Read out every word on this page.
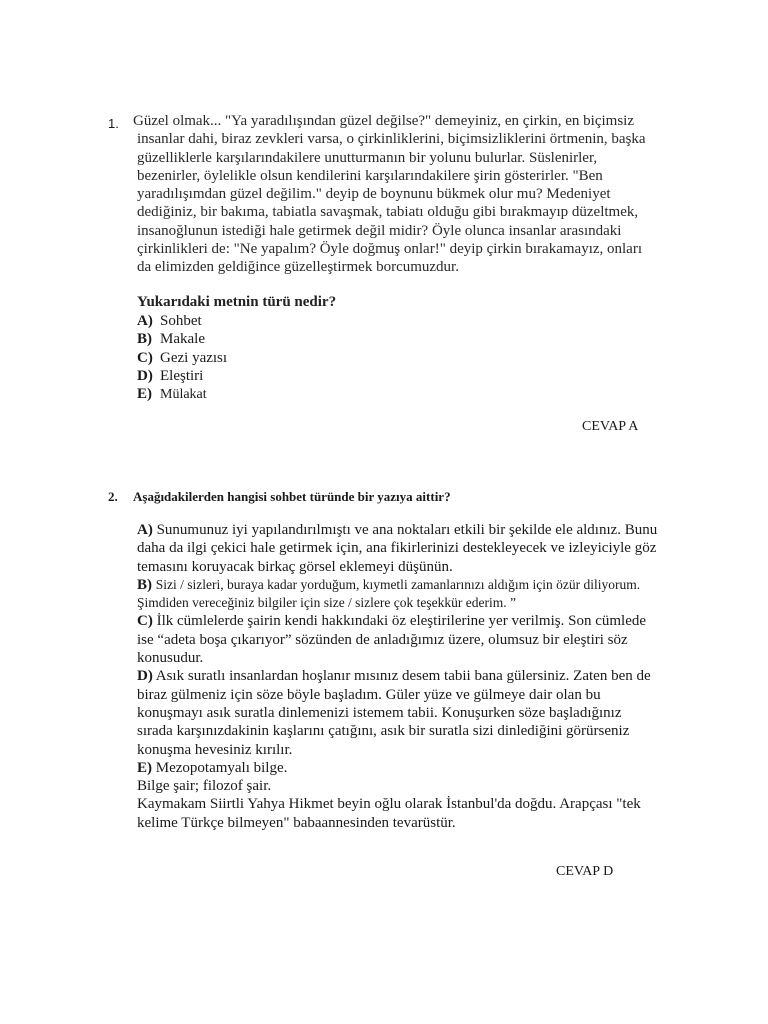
1. Güzel olmak... "Ya yaradılışından güzel değilse?" demeyiniz, en çirkin, en biçimsiz
insanlar dahi, biraz zevkleri varsa, o çirkinliklerini, biçimsizliklerini örtmenin, başka
güzelliklerle karşılarındakilere unutturmanın bir yolunu bulurlar. Süslenirler,
bezenirler, öylelikle olsun kendilerini karşılarındakilere şirin gösterirler. "Ben
yaradılışımdan güzel değilim." deyip de boynunu bükmek olur mu? Medeniyet
dediğiniz, bir bakıma, tabiatla savaşmak, tabiatı olduğu gibi bırakmayıp düzeltmek,
insanoğlunun istediği hale getirmek değil midir? Öyle olunca insanlar arasındaki
çirkinlikleri de: "Ne yapalım? Öyle doğmuş onlar!" deyip çirkin bırakamayız, onları
da elimizden geldiğince güzelleştirmek borcumuzdur.
Yukarıdaki metnin türü nedir?
A) Sohbet
B) Makale
C) Gezi yazısı
D) Eleştiri
E) Mülakat
CEVAP A
2. Aşağıdakilerden hangisi sohbet türünde bir yazıya aittir?
A) Sunumunuz iyi yapılandırılmıştı ve ana noktaları etkili bir şekilde ele aldınız. Bunu
daha da ilgi çekici hale getirmek için, ana fikirlerinizi destekleyecek ve izleyiciyle göz
temasını koruyacak birkaç görsel eklemeyi düşünün.
B) Sizi / sizleri, buraya kadar yorduğum, kıymetli zamanlarınızı aldığım için özür diliyorum.
Şimdiden vereceğiniz bilgiler için size / sizlere çok teşekkür ederim. ”
C) İlk cümlelerde şairin kendi hakkındaki öz eleştirilerine yer verilmiş. Son cümlede
ise “adeta boşa çıkarıyor” sözünden de anladığımız üzere, olumsuz bir eleştiri söz
konusudur.
D) Asık suratlı insanlardan hoşlanır mısınız desem tabii bana gülersiniz. Zaten ben de
biraz gülmeniz için söze böyle başladım. Güler yüze ve gülmeye dair olan bu
konuşmayı asık suratla dinlemenizi istemem tabii. Konuşurken söze başladığınız
sırada karşınızdakinin kaşlarını çatığını, asık bir suratla sizi dinlediğini görürseniz
konuşma hevesiniz kırılır.
E) Mezopotamyalı bilge.
Bilge şair; filozof şair.
Kaymakam Siirtli Yahya Hikmet beyin oğlu olarak İstanbul'da doğdu. Arapçası "tek
kelime Türkçe bilmeyen" babaannesinden tevarüstür.
CEVAP D
